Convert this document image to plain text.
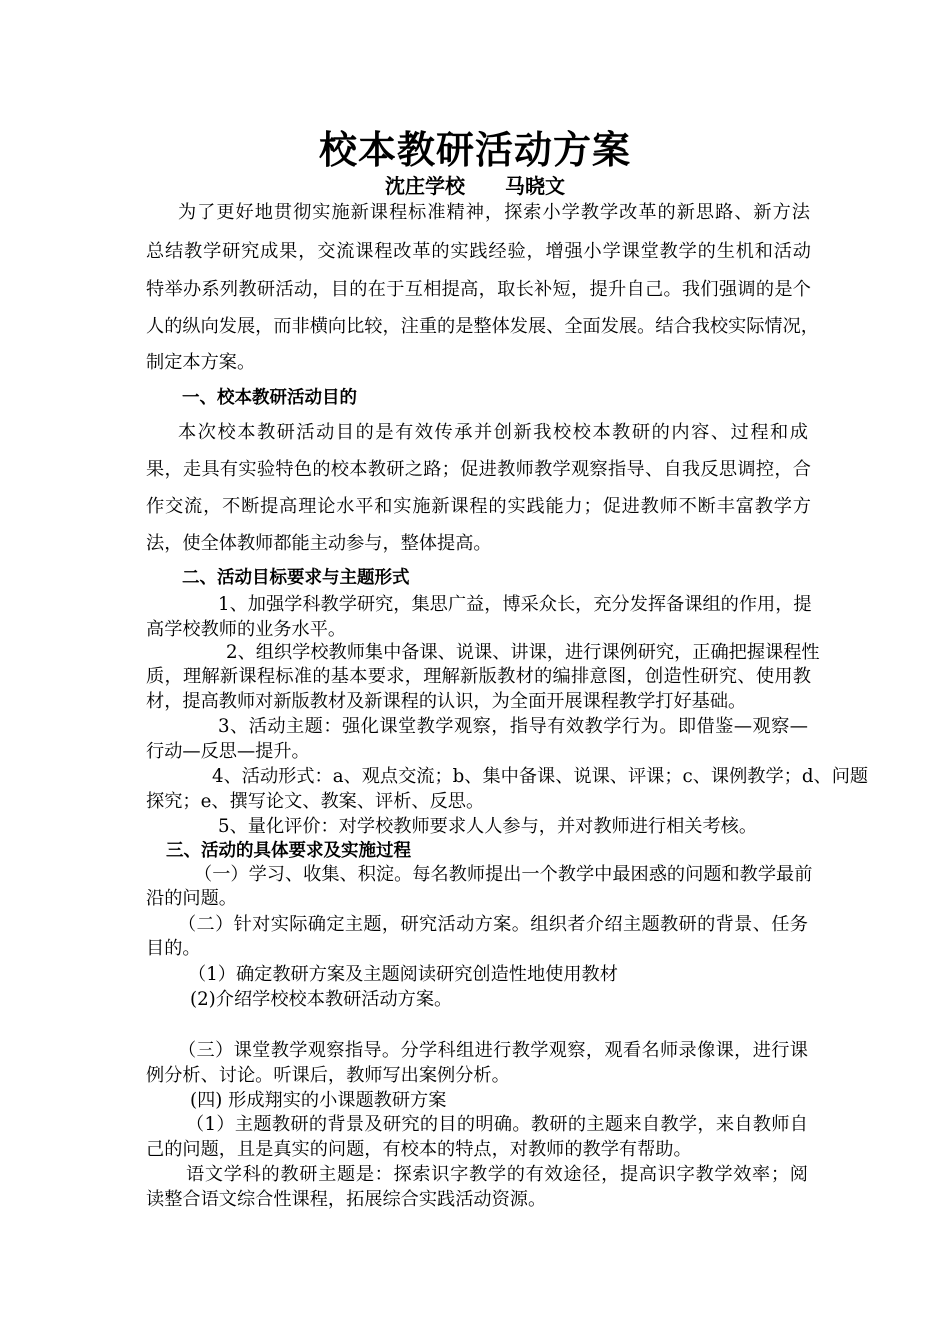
校本教研活动方案
沈庄学校 马晓文
为了更好地贯彻实施新课程标准精神，探索小学教学改革的新思路、新方法
总结教学研究成果，交流课程改革的实践经验，增强小学课堂教学的生机和活动
特举办系列教研活动，目的在于互相提高，取长补短，提升自己。我们强调的是个
人的纵向发展，而非横向比较，注重的是整体发展、全面发展。结合我校实际情况，
制定本方案。
一、校本教研活动目的
本次校本教研活动目的是有效传承并创新我校校本教研的内容、过程和成
果，走具有实验特色的校本教研之路；促进教师教学观察指导、自我反思调控，合
作交流，不断提高理论水平和实施新课程的实践能力；促进教师不断丰富教学方
法，使全体教师都能主动参与，整体提高。
二、活动目标要求与主题形式
1、加强学科教学研究，集思广益，博采众长，充分发挥备课组的作用，提
高学校教师的业务水平。
2、组织学校教师集中备课、说课、讲课，进行课例研究，正确把握课程性
质，理解新课程标准的基本要求，理解新版教材的编排意图，创造性研究、使用教
材，提高教师对新版教材及新课程的认识，为全面开展课程教学打好基础。
3、活动主题：强化课堂教学观察，指导有效教学行为。即借鉴—观察—
行动—反思—提升。
4、活动形式：a、观点交流；b、集中备课、说课、评课；c、课例教学；d、问题
探究；e、撰写论文、教案、评析、反思。
5、量化评价：对学校教师要求人人参与，并对教师进行相关考核。
三、活动的具体要求及实施过程
（一）学习、收集、积淀。每名教师提出一个教学中最困惑的问题和教学最前
沿的问题。
（二）针对实际确定主题，研究活动方案。组织者介绍主题教研的背景、任务
目的。
（1）确定教研方案及主题阅读研究创造性地使用教材
(2)介绍学校校本教研活动方案。
（三）课堂教学观察指导。分学科组进行教学观察，观看名师录像课，进行课
例分析、讨论。听课后，教师写出案例分析。
(四) 形成翔实的小课题教研方案
（1）主题教研的背景及研究的目的明确。教研的主题来自教学，来自教师自
己的问题，且是真实的问题，有校本的特点，对教师的教学有帮助。
语文学科的教研主题是：探索识字教学的有效途径，提高识字教学效率；阅
读整合语文综合性课程，拓展综合实践活动资源。
